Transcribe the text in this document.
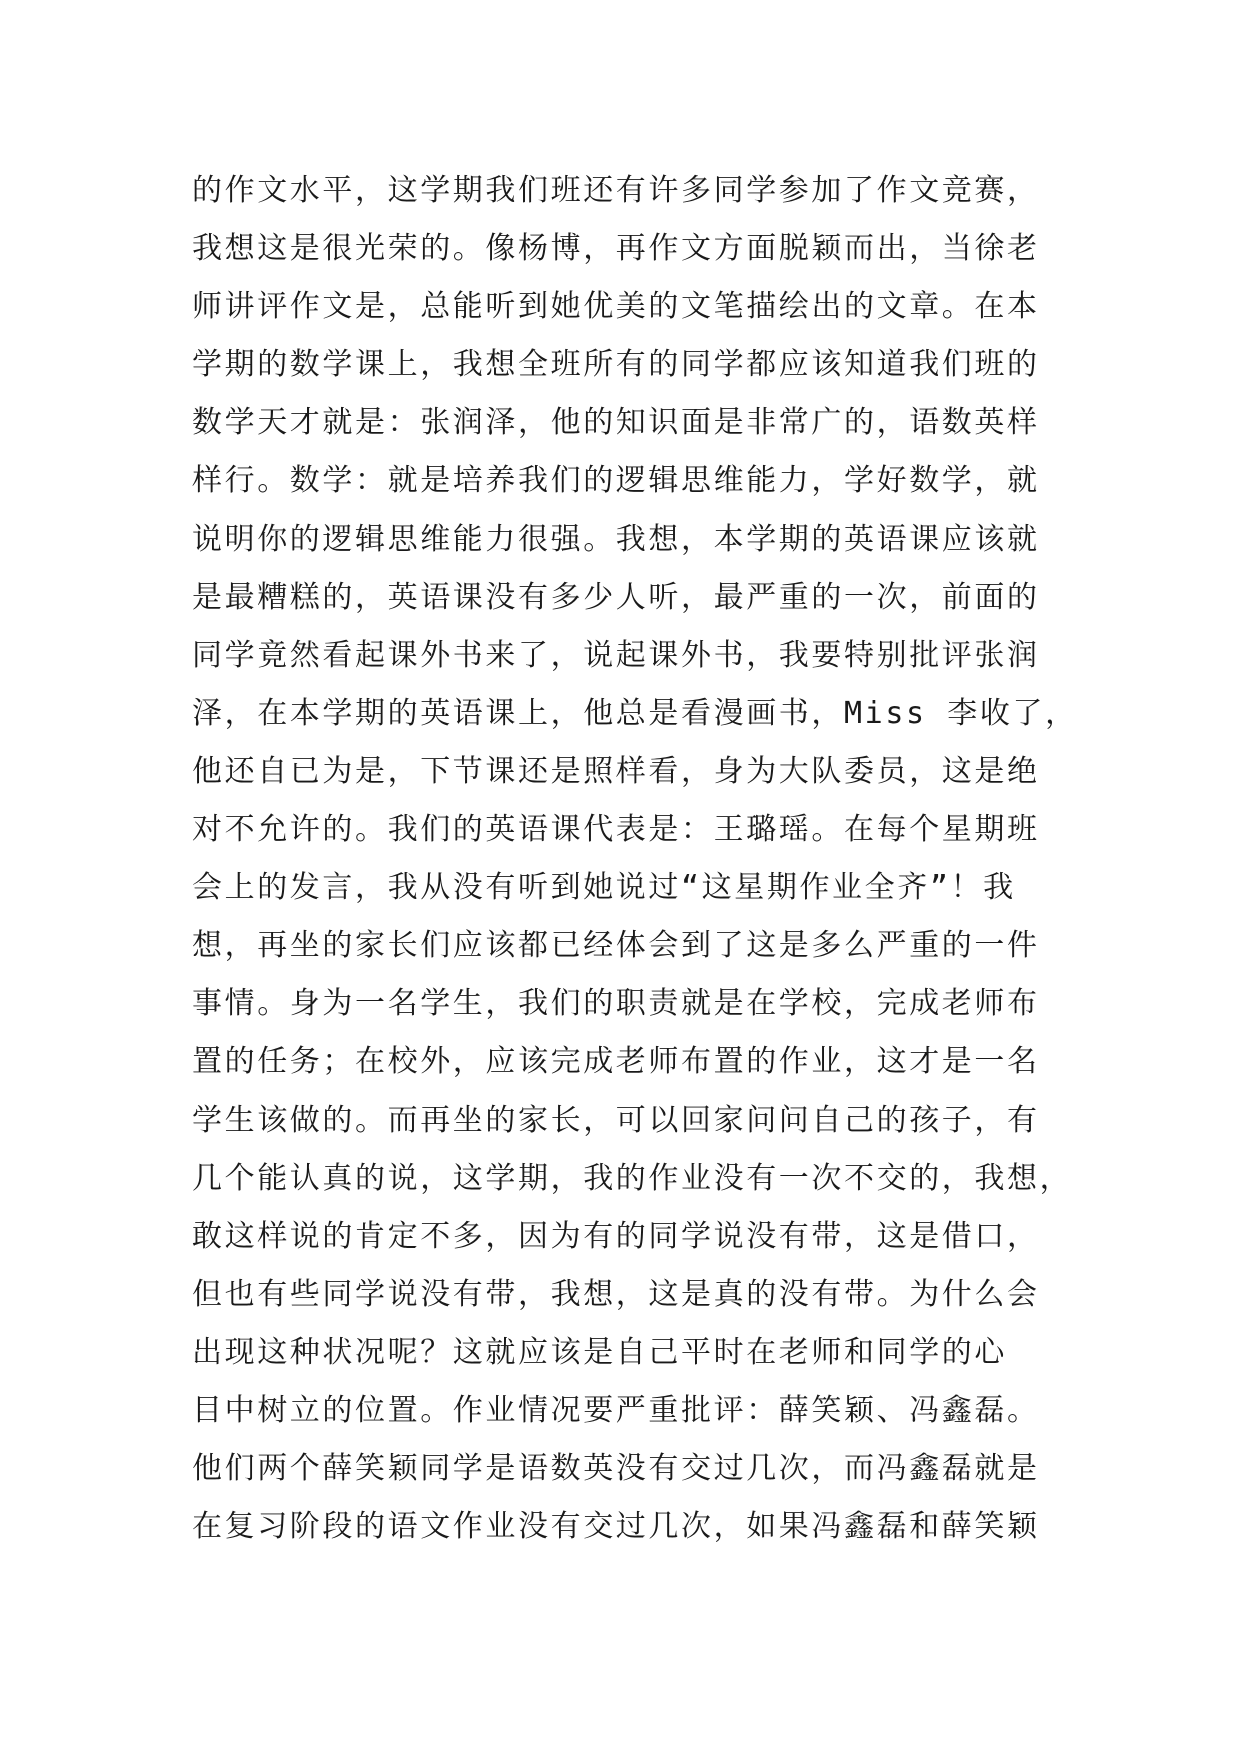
的作文水平，这学期我们班还有许多同学参加了作文竞赛，
我想这是很光荣的。像杨博，再作文方面脱颖而出，当徐老
师讲评作文是，总能听到她优美的文笔描绘出的文章。在本
学期的数学课上，我想全班所有的同学都应该知道我们班的
数学天才就是：张润泽，他的知识面是非常广的，语数英样
样行。数学：就是培养我们的逻辑思维能力，学好数学，就
说明你的逻辑思维能力很强。我想，本学期的英语课应该就
是最糟糕的，英语课没有多少人听，最严重的一次，前面的
同学竟然看起课外书来了，说起课外书，我要特别批评张润
泽，在本学期的英语课上，他总是看漫画书，Miss 李收了，
他还自已为是，下节课还是照样看，身为大队委员，这是绝
对不允许的。我们的英语课代表是：王璐瑶。在每个星期班
会上的发言，我从没有听到她说过“这星期作业全齐”！我
想，再坐的家长们应该都已经体会到了这是多么严重的一件
事情。身为一名学生，我们的职责就是在学校，完成老师布
置的任务；在校外，应该完成老师布置的作业，这才是一名
学生该做的。而再坐的家长，可以回家问问自己的孩子，有
几个能认真的说，这学期，我的作业没有一次不交的，我想，
敢这样说的肯定不多，因为有的同学说没有带，这是借口，
但也有些同学说没有带，我想，这是真的没有带。为什么会
出现这种状况呢？这就应该是自己平时在老师和同学的心
目中树立的位置。作业情况要严重批评：薛笑颖、冯鑫磊。
他们两个薛笑颖同学是语数英没有交过几次，而冯鑫磊就是
在复习阶段的语文作业没有交过几次，如果冯鑫磊和薛笑颖
